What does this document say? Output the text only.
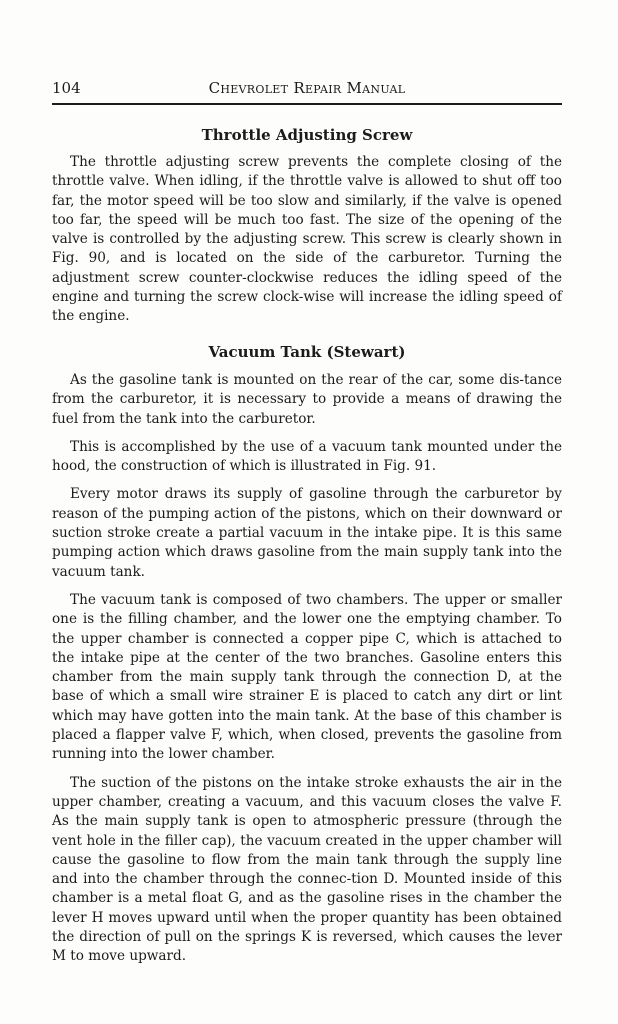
104	Chevrolet Repair Manual
Throttle Adjusting Screw

The throttle adjusting screw prevents the complete closing of the throttle valve. When idling, if the throttle valve is allowed to shut off too far, the motor speed will be too slow and similarly, if the valve is opened too far, the speed will be much too fast. The size of the opening of the valve is controlled by the adjusting screw. This screw is clearly shown in Fig. 90, and is located on the side of the carburetor. Turning the adjustment screw counter-clockwise reduces the idling speed of the engine and turning the screw clock-wise will increase the idling speed of the engine.

Vacuum Tank (Stewart)

As the gasoline tank is mounted on the rear of the car, some dis-tance from the carburetor, it is necessary to provide a means of drawing the fuel from the tank into the carburetor.

This is accomplished by the use of a vacuum tank mounted under the hood, the construction of which is illustrated in Fig. 91.

Every motor draws its supply of gasoline through the carburetor by reason of the pumping action of the pistons, which on their downward or suction stroke create a partial vacuum in the intake pipe. It is this same pumping action which draws gasoline from the main supply tank into the vacuum tank.

The vacuum tank is composed of two chambers. The upper or smaller one is the filling chamber, and the lower one the emptying chamber. To the upper chamber is connected a copper pipe C, which is attached to the intake pipe at the center of the two branches. Gasoline enters this chamber from the main supply tank through the connection D, at the base of which a small wire strainer E is placed to catch any dirt or lint which may have gotten into the main tank. At the base of this chamber is placed a flapper valve F, which, when closed, prevents the gasoline from running into the lower chamber.

The suction of the pistons on the intake stroke exhausts the air in the upper chamber, creating a vacuum, and this vacuum closes the valve F. As the main supply tank is open to atmospheric pressure (through the vent hole in the filler cap), the vacuum created in the upper chamber will cause the gasoline to flow from the main tank through the supply line and into the chamber through the connec-tion D. Mounted inside of this chamber is a metal float G, and as the gasoline rises in the chamber the lever H moves upward until when the proper quantity has been obtained the direction of pull on the springs K is reversed, which causes the lever M to move upward.
